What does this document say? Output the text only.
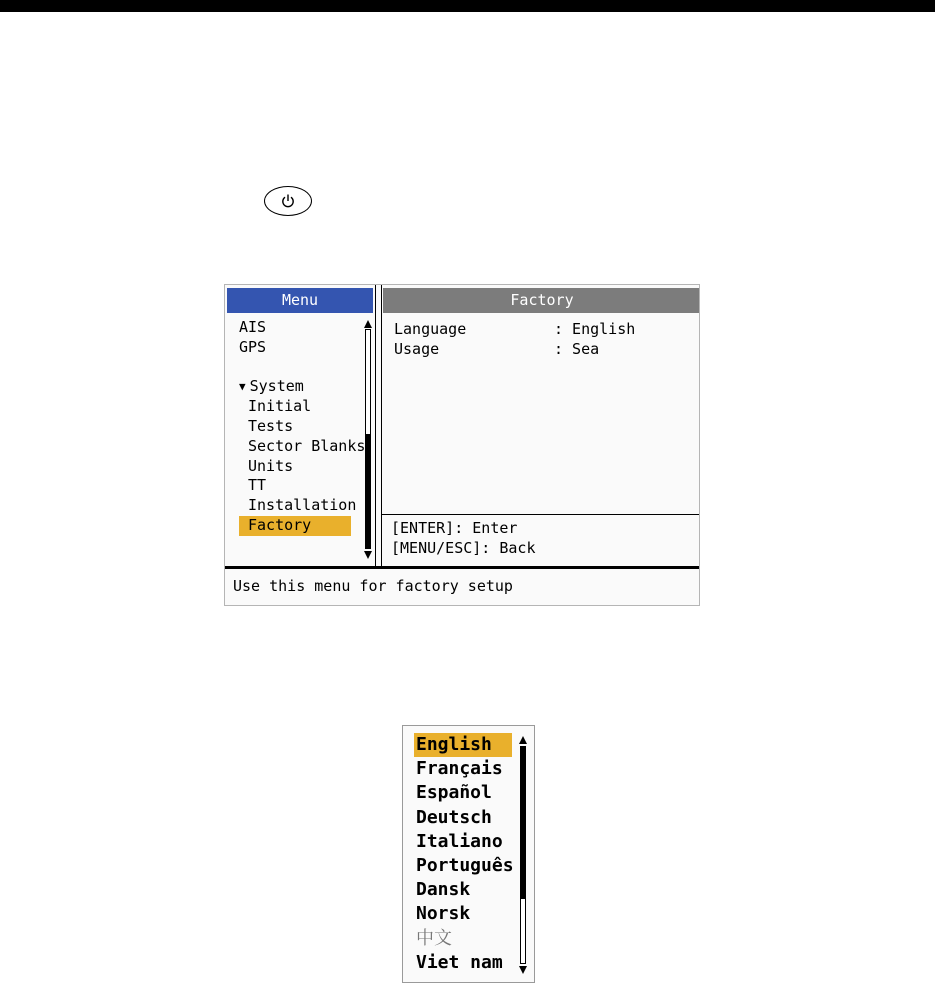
Menu
AIS
GPS
▼ System
Initial
Tests
Sector Blanks
Units
TT
Installation
Factory
Factory
Language	: English
Usage	: Sea
[ENTER]: Enter
[MENU/ESC]: Back
Use this menu for factory setup
English
Français
Español
Deutsch
Italiano
Português
Dansk
Norsk
中文
Viet nam
